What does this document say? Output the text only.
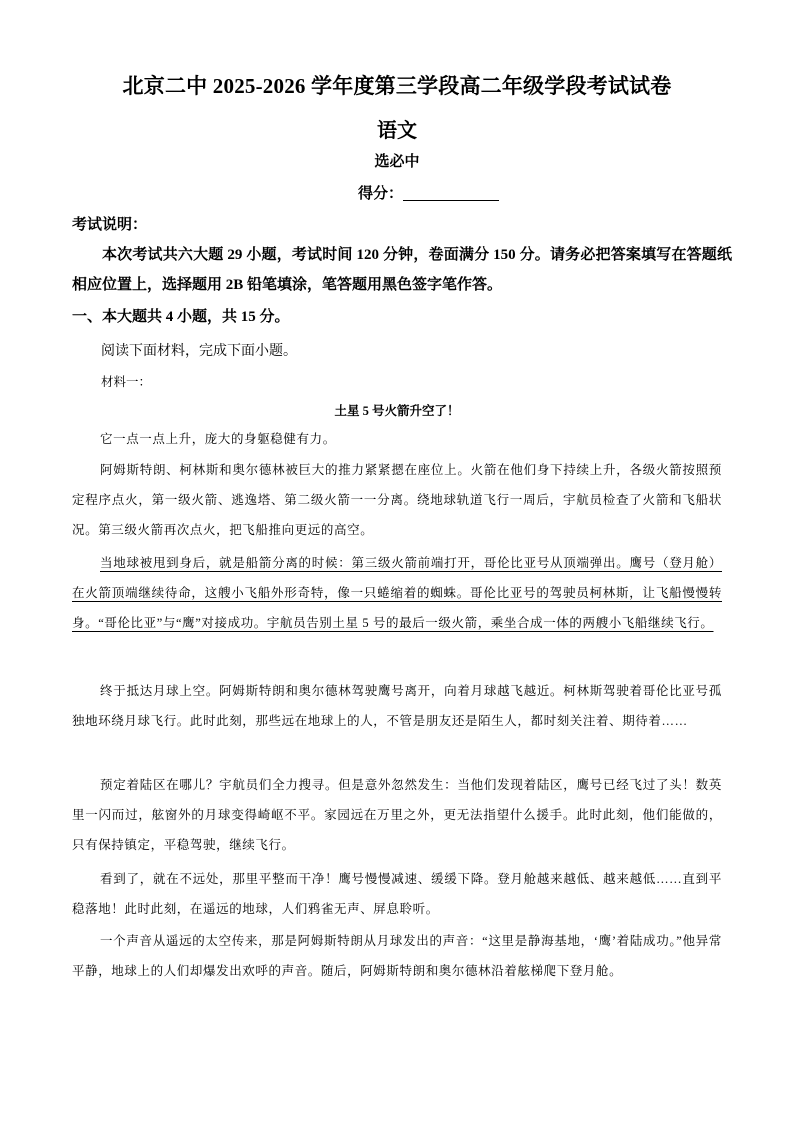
北京二中 2025-2026 学年度第三学段高二年级学段考试试卷
语文
选必中
得分：
考试说明：
本次考试共六大题 29 小题，考试时间 120 分钟，卷面满分 150 分。请务必把答案填写在答题纸相应位置上，选择题用 2B 铅笔填涂，笔答题用黑色签字笔作答。
一、本大题共 4 小题，共 15 分。
阅读下面材料，完成下面小题。
材料一：
土星 5 号火箭升空了！
它一点一点上升，庞大的身躯稳健有力。
阿姆斯特朗、柯林斯和奥尔德林被巨大的推力紧紧摁在座位上。火箭在他们身下持续上升，各级火箭按照预定程序点火，第一级火箭、逃逸塔、第二级火箭一一分离。绕地球轨道飞行一周后，宇航员检查了火箭和飞船状况。第三级火箭再次点火，把飞船推向更远的高空。
当地球被甩到身后，就是船箭分离的时候：第三级火箭前端打开，哥伦比亚号从顶端弹出。鹰号（登月舱）在火箭顶端继续待命，这艘小飞船外形奇特，像一只蜷缩着的蜘蛛。哥伦比亚号的驾驶员柯林斯，让飞船慢慢转身。“哥伦比亚”与“鹰”对接成功。宇航员告别土星 5 号的最后一级火箭，乘坐合成一体的两艘小飞船继续飞行。
终于抵达月球上空。阿姆斯特朗和奥尔德林驾驶鹰号离开，向着月球越飞越近。柯林斯驾驶着哥伦比亚号孤独地环绕月球飞行。此时此刻，那些远在地球上的人，不管是朋友还是陌生人，都时刻关注着、期待着……
预定着陆区在哪儿？宇航员们全力搜寻。但是意外忽然发生：当他们发现着陆区，鹰号已经飞过了头！数英里一闪而过，舷窗外的月球变得崎岖不平。家园远在万里之外，更无法指望什么援手。此时此刻，他们能做的，只有保持镇定，平稳驾驶，继续飞行。
看到了，就在不远处，那里平整而干净！鹰号慢慢减速、缓缓下降。登月舱越来越低、越来越低……直到平稳落地！此时此刻，在遥远的地球，人们鸦雀无声、屏息聆听。
一个声音从遥远的太空传来，那是阿姆斯特朗从月球发出的声音：“这里是静海基地，‘鹰’着陆成功。”他异常平静，地球上的人们却爆发出欢呼的声音。随后，阿姆斯特朗和奥尔德林沿着舷梯爬下登月舱。
